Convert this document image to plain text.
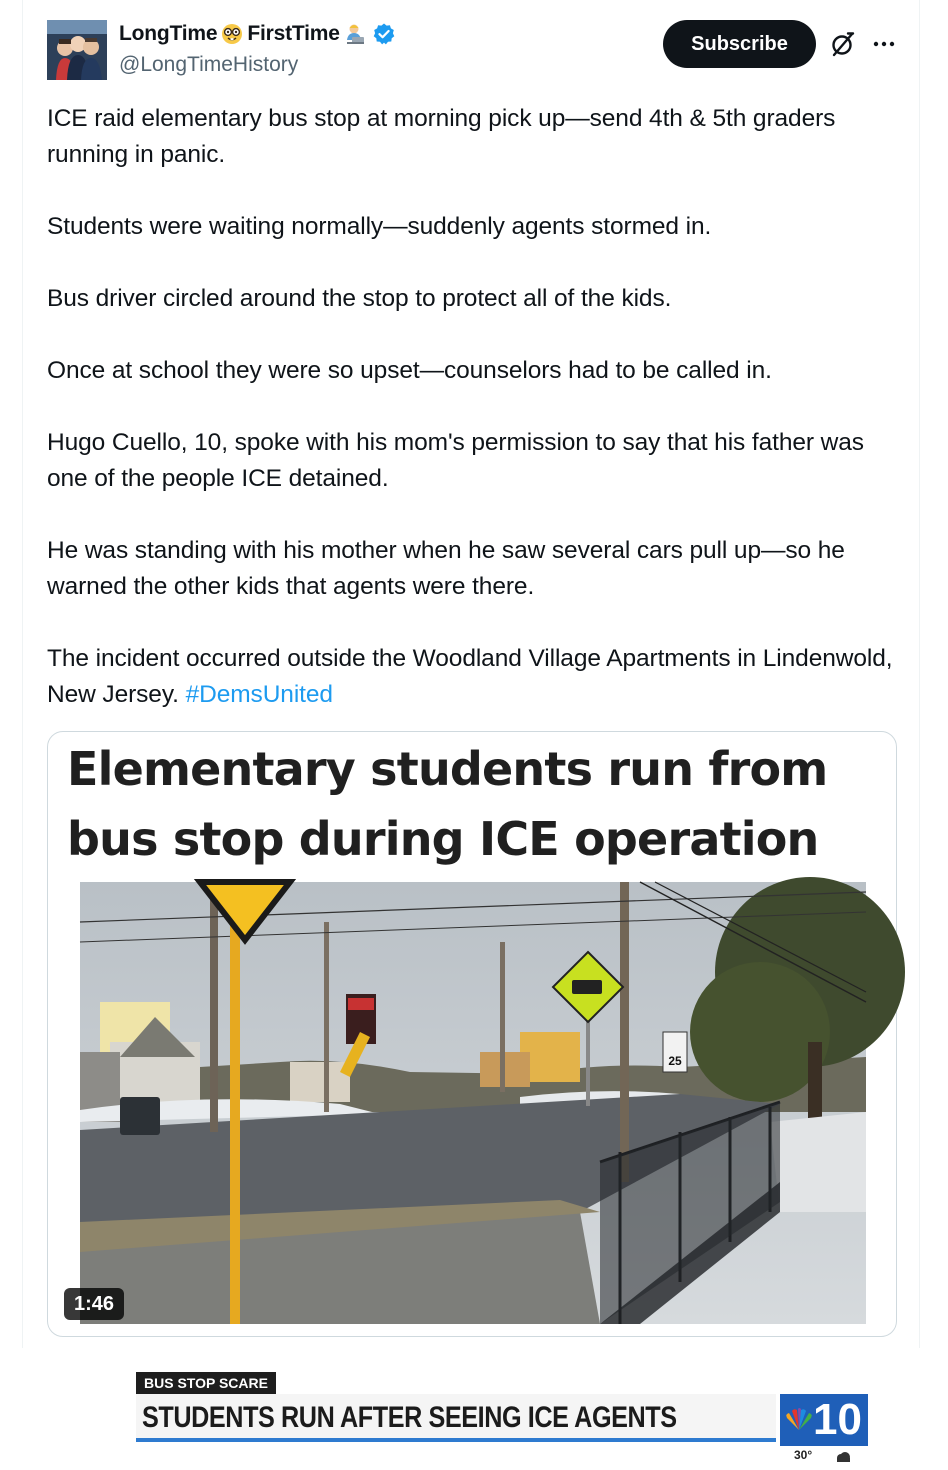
LongTime FirstTime
@LongTimeHistory
Subscribe

ICE raid elementary bus stop at morning pick up—send 4th & 5th graders running in panic.

Students were waiting normally—suddenly agents stormed in.

Bus driver circled around the stop to protect all of the kids.

Once at school they were so upset—counselors had to be called in.

Hugo Cuello, 10, spoke with his mom's permission to say that his father was one of the people ICE detained.

He was standing with his mother when he saw several cars pull up—so he warned the other kids that agents were there.

The incident occurred outside the Woodland Village Apartments in Lindenwold, New Jersey. #DemsUnited

Elementary students run from bus stop during ICE operation
25
BUS STOP SCARE
STUDENTS RUN AFTER SEEING ICE AGENTS	10
30°
1:46
